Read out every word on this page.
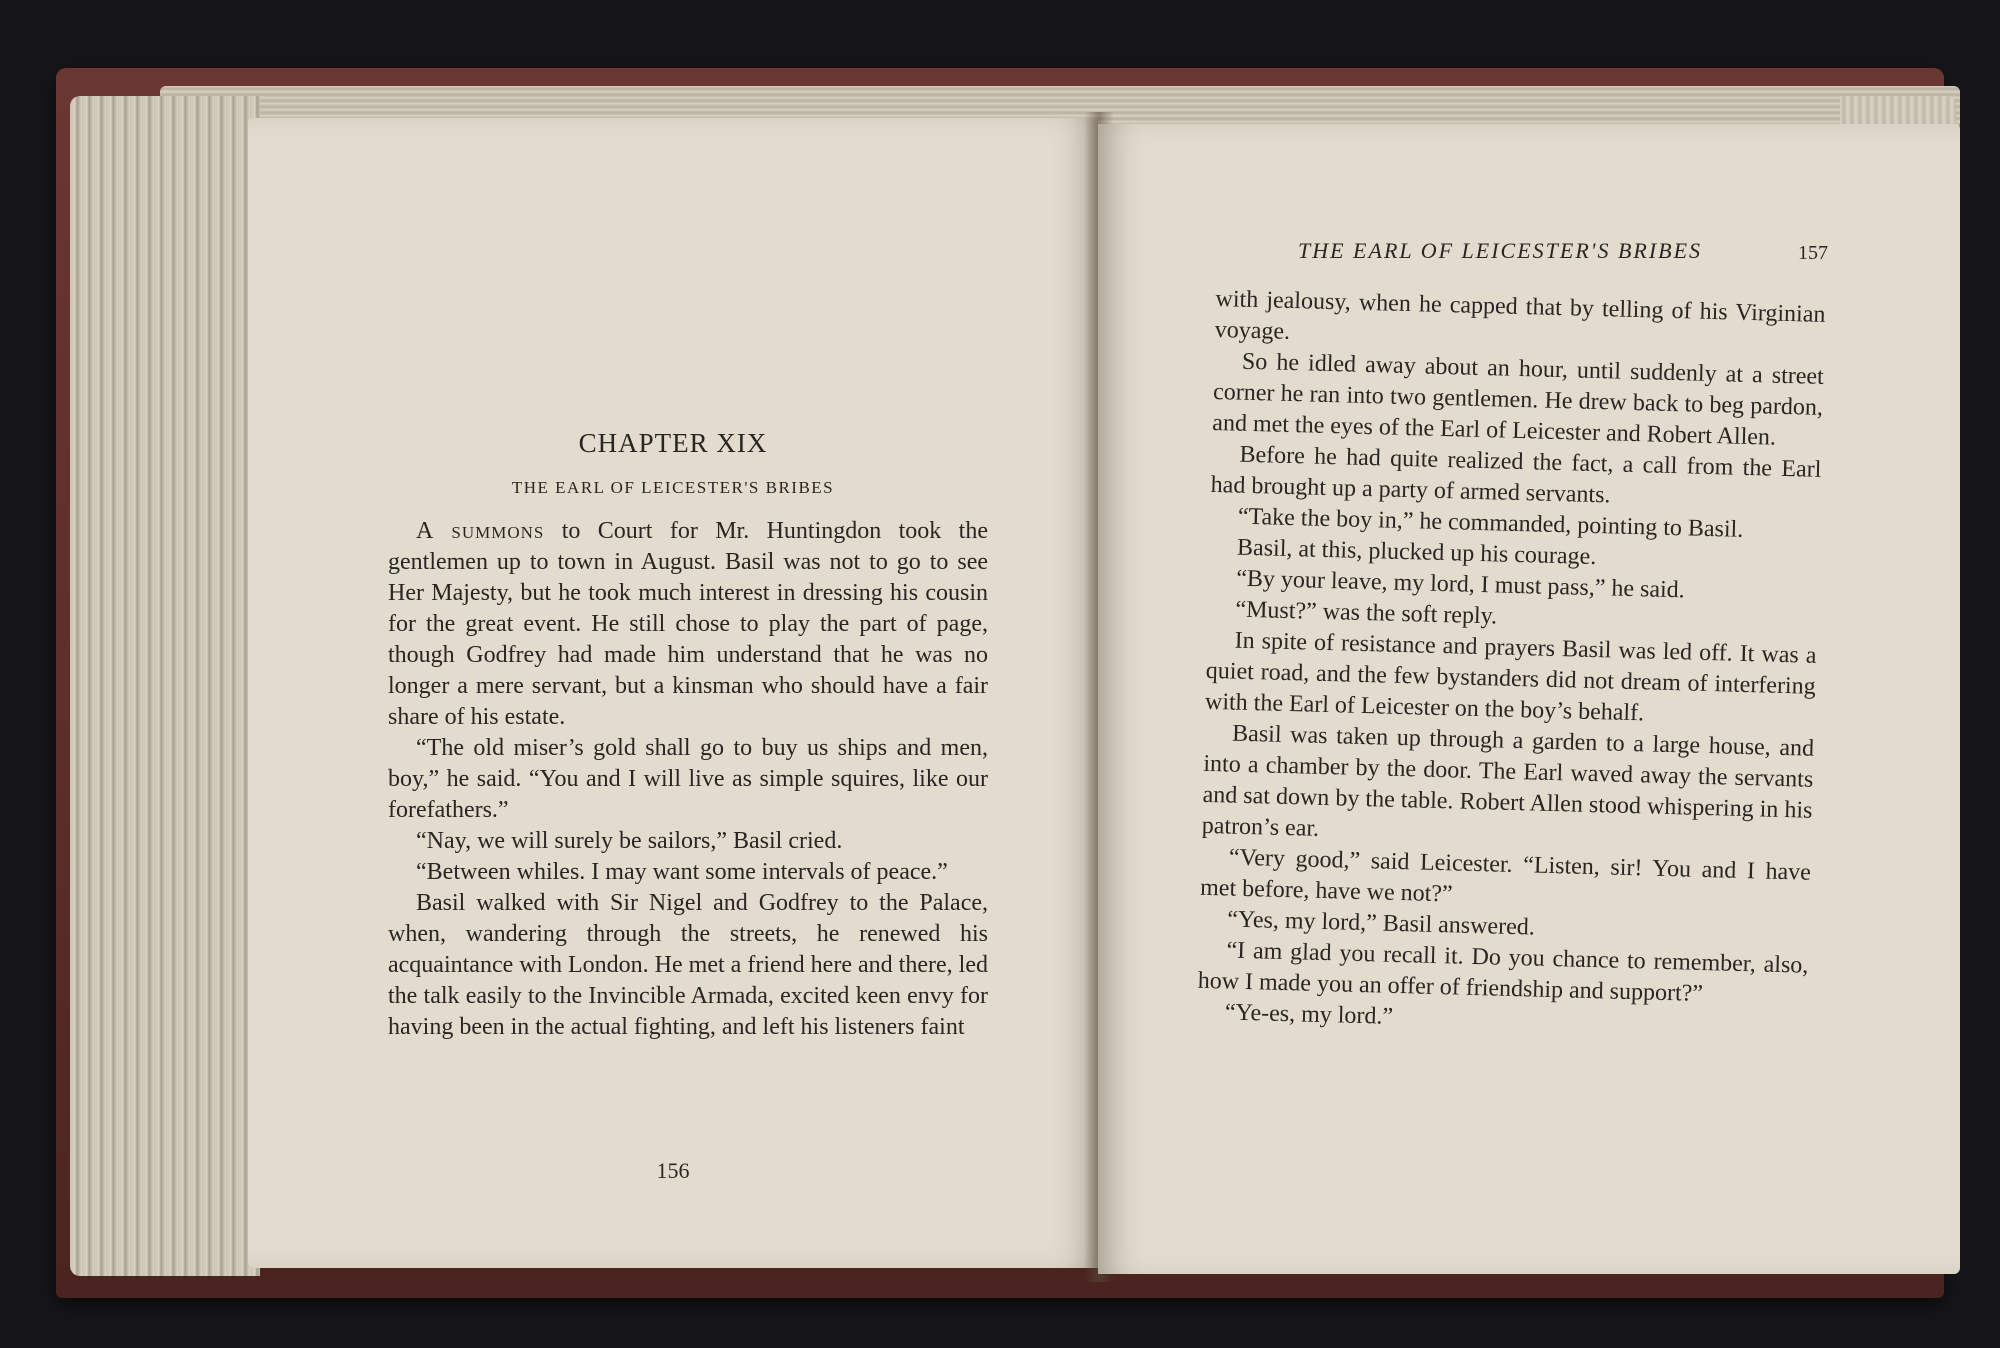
CHAPTER XIX
THE EARL OF LEICESTER'S BRIBES

A summons to Court for Mr. Huntingdon took the gentlemen up to town in August. Basil was not to go to see Her Majesty, but he took much interest in dressing his cousin for the great event. He still chose to play the part of page, though Godfrey had made him understand that he was no longer a mere servant, but a kinsman who should have a fair share of his estate.

“The old miser’s gold shall go to buy us ships and men, boy,” he said. “You and I will live as simple squires, like our forefathers.”

“Nay, we will surely be sailors,” Basil cried.

“Between whiles. I may want some intervals of peace.”

Basil walked with Sir Nigel and Godfrey to the Palace, when, wandering through the streets, he renewed his acquaintance with London. He met a friend here and there, led the talk easily to the Invincible Armada, excited keen envy for having been in the actual fighting, and left his listeners faint

156
THE EARL OF LEICESTER'S BRIBES	157

with jealousy, when he capped that by telling of his Virginian voyage.

So he idled away about an hour, until suddenly at a street corner he ran into two gentlemen. He drew back to beg pardon, and met the eyes of the Earl of Leicester and Robert Allen.

Before he had quite realized the fact, a call from the Earl had brought up a party of armed servants.

“Take the boy in,” he commanded, pointing to Basil.

Basil, at this, plucked up his courage.

“By your leave, my lord, I must pass,” he said.

“Must?” was the soft reply.

In spite of resistance and prayers Basil was led off. It was a quiet road, and the few bystanders did not dream of interfering with the Earl of Leicester on the boy’s behalf.

Basil was taken up through a garden to a large house, and into a chamber by the door. The Earl waved away the servants and sat down by the table. Robert Allen stood whispering in his patron’s ear.

“Very good,” said Leicester. “Listen, sir! You and I have met before, have we not?”

“Yes, my lord,” Basil answered.

“I am glad you recall it. Do you chance to remember, also, how I made you an offer of friendship and support?”

“Ye-es, my lord.”
